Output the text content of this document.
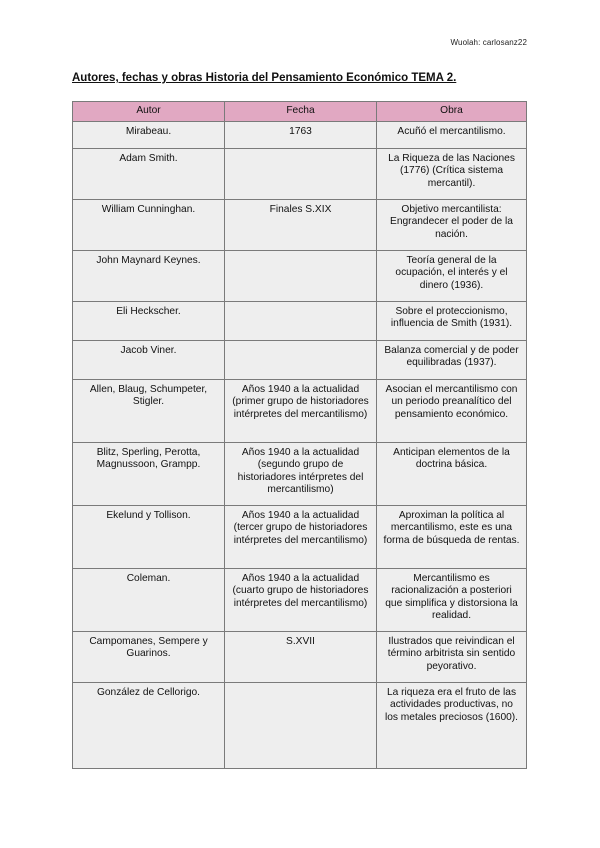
Wuolah: carlosanz22
Autores, fechas y obras Historia del Pensamiento Económico TEMA 2.
Autor	Fecha	Obra
Mirabeau.	1763	Acuñó el mercantilismo.
Adam Smith.		La Riqueza de las Naciones (1776) (Crítica sistema mercantil).
William Cunninghan.	Finales S.XIX	Objetivo mercantilista: Engrandecer el poder de la nación.
John Maynard Keynes.		Teoría general de la ocupación, el interés y el dinero (1936).
Eli Heckscher.		Sobre el proteccionismo, influencia de Smith (1931).
Jacob Viner.		Balanza comercial y de poder equilibradas (1937).
Allen, Blaug, Schumpeter, Stigler.	Años 1940 a la actualidad (primer grupo de historiadores intérpretes del mercantilismo)	Asocian el mercantilismo con un periodo preanalítico del pensamiento económico.
Blitz, Sperling, Perotta, Magnussoon, Grampp.	Años 1940 a la actualidad (segundo grupo de historiadores intérpretes del mercantilismo)	Anticipan elementos de la doctrina básica.
Ekelund y Tollison.	Años 1940 a la actualidad (tercer grupo de historiadores intérpretes del mercantilismo)	Aproximan la política al mercantilismo, este es una forma de búsqueda de rentas.
Coleman.	Años 1940 a la actualidad (cuarto grupo de historiadores intérpretes del mercantilismo)	Mercantilismo es racionalización a posteriori que simplifica y distorsiona la realidad.
Campomanes, Sempere y Guarinos.	S.XVII	Ilustrados que reivindican el término arbitrista sin sentido peyorativo.
González de Cellorigo.		La riqueza era el fruto de las actividades productivas, no los metales preciosos (1600).
